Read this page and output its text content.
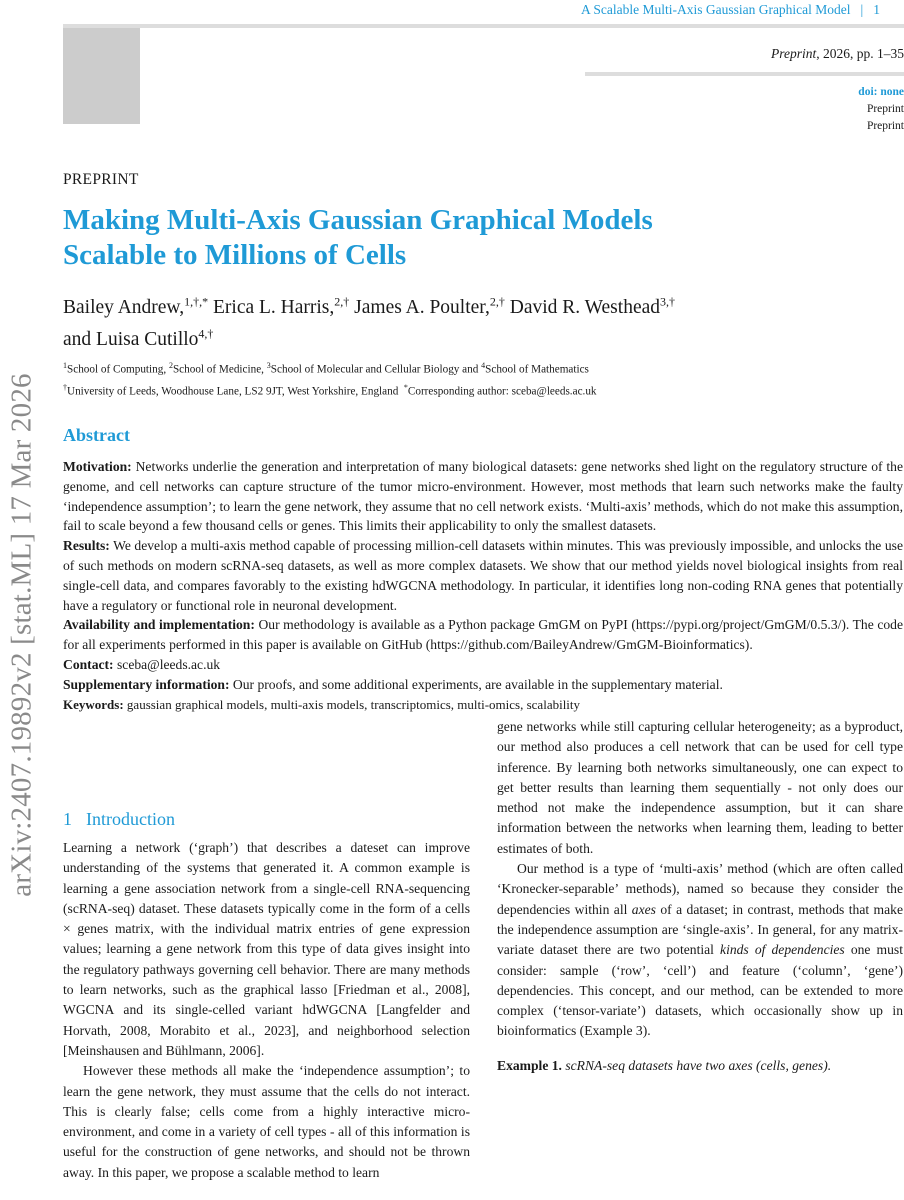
A Scalable Multi-Axis Gaussian Graphical Model | 1
Preprint, 2026, pp. 1–35
doi: none
Preprint
Preprint
arXiv:2407.19892v2 [stat.ML] 17 Mar 2026
PREPRINT
Making Multi-Axis Gaussian Graphical Models
Scalable to Millions of Cells
Bailey Andrew,$^{1,\dagger,*}$ Erica L. Harris,$^{2,\dagger}$ James A. Poulter,$^{2,\dagger}$ David R. Westhead$^{3,\dagger}$
and Luisa Cutillo$^{4,\dagger}$
$^1$School of Computing, $^2$School of Medicine, $^3$School of Molecular and Cellular Biology and $^4$School of Mathematics
†University of Leeds, Woodhouse Lane, LS2 9JT, West Yorkshire, England  *Corresponding author: sceba@leeds.ac.uk
Abstract

Motivation: Networks underlie the generation and interpretation of many biological datasets: gene networks shed light on the regulatory structure of the genome, and cell networks can capture structure of the tumor micro-environment. However, most methods that learn such networks make the faulty ‘independence assumption’; to learn the gene network, they assume that no cell network exists. ‘Multi-axis’ methods, which do not make this assumption, fail to scale beyond a few thousand cells or genes. This limits their applicability to only the smallest datasets.

Results: We develop a multi-axis method capable of processing million-cell datasets within minutes. This was previously impossible, and unlocks the use of such methods on modern scRNA-seq datasets, as well as more complex datasets. We show that our method yields novel biological insights from real single-cell data, and compares favorably to the existing hdWGCNA methodology. In particular, it identifies long non-coding RNA genes that potentially have a regulatory or functional role in neuronal development.

Availability and implementation: Our methodology is available as a Python package GmGM on PyPI (https://pypi.org/project/GmGM/0.5.3/). The code for all experiments performed in this paper is available on GitHub (https://github.com/BaileyAndrew/GmGM-Bioinformatics).

Contact: sceba@leeds.ac.uk

Supplementary information: Our proofs, and some additional experiments, are available in the supplementary material.

Keywords: gaussian graphical models, multi-axis models, transcriptomics, multi-omics, scalability

1 Introduction

Learning a network (‘graph’) that describes a dateset can improve understanding of the systems that generated it. A common example is learning a gene association network from a single-cell RNA-sequencing (scRNA-seq) dataset. These datasets typically come in the form of a cells × genes matrix, with the individual matrix entries of gene expression values; learning a gene network from this type of data gives insight into the regulatory pathways governing cell behavior. There are many methods to learn networks, such as the graphical lasso [Friedman et al., 2008], WGCNA and its single-celled variant hdWGCNA [Langfelder and Horvath, 2008, Morabito et al., 2023], and neighborhood selection [Meinshausen and Bühlmann, 2006].

However these methods all make the ‘independence assumption’; to learn the gene network, they must assume that the cells do not interact. This is clearly false; cells come from a highly interactive micro-environment, and come in a variety of cell types - all of this information is useful for the construction of gene networks, and should not be thrown away. In this paper, we propose a scalable method to learn

gene networks while still capturing cellular heterogeneity; as a byproduct, our method also produces a cell network that can be used for cell type inference. By learning both networks simultaneously, one can expect to get better results than learning them sequentially - not only does our method not make the independence assumption, but it can share information between the networks when learning them, leading to better estimates of both.

Our method is a type of ‘multi-axis’ method (which are often called ‘Kronecker-separable’ methods), named so because they consider the dependencies within all axes of a dataset; in contrast, methods that make the independence assumption are ‘single-axis’. In general, for any matrix-variate dataset there are two potential kinds of dependencies one must consider: sample (‘row’, ‘cell’) and feature (‘column’, ‘gene’) dependencies. This concept, and our method, can be extended to more complex (‘tensor-variate’) datasets, which occasionally show up in bioinformatics (Example 3).

Example 1. scRNA-seq datasets have two axes (cells, genes).
